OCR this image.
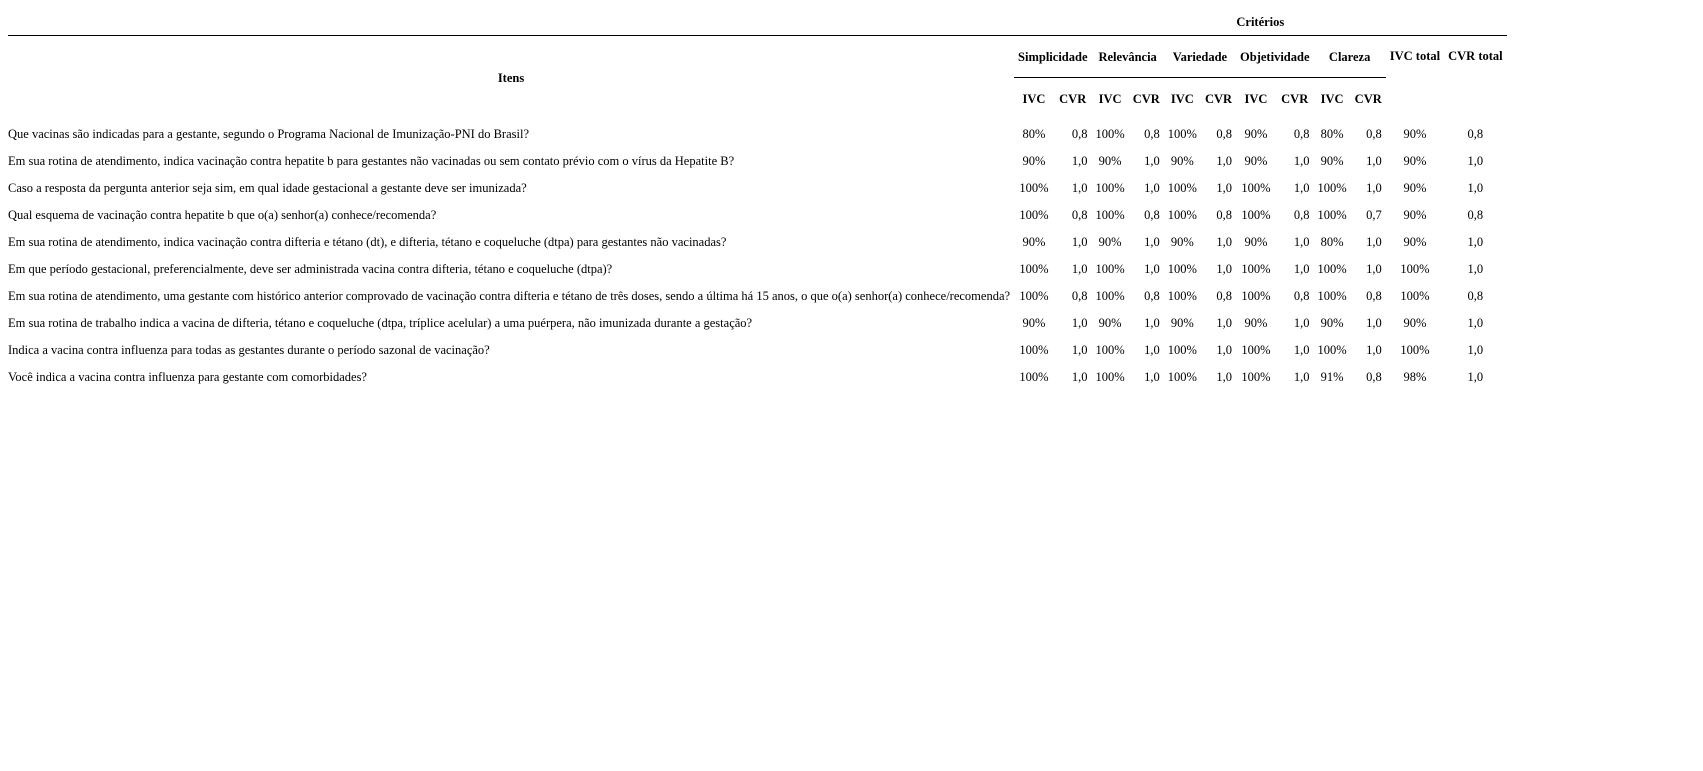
	Critérios											

Itens	Simplicidade		Relevância		Variedade		Objetividade		Clareza		IVC total	CVR total
	IVC	CVR	IVC	CVR	IVC	CVR	IVC	CVR	IVC	CVR		
Que vacinas são indicadas para a gestante, segundo o Programa Nacional de Imunização-PNI do Brasil?	80%	0,8	100%	0,8	100%	0,8	90%	0,8	80%	0,8	90%	0,8
Em sua rotina de atendimento, indica vacinação contra hepatite b para gestantes não vacinadas ou sem contato prévio com o vírus da Hepatite B?	90%	1,0	90%	1,0	90%	1,0	90%	1,0	90%	1,0	90%	1,0
Caso a resposta da pergunta anterior seja sim, em qual idade gestacional a gestante deve ser imunizada?	100%	1,0	100%	1,0	100%	1,0	100%	1,0	100%	1,0	90%	1,0
Qual esquema de vacinação contra hepatite b que o(a) senhor(a) conhece/recomenda?	100%	0,8	100%	0,8	100%	0,8	100%	0,8	100%	0,7	90%	0,8
Em sua rotina de atendimento, indica vacinação contra difteria e tétano (dt), e difteria, tétano e coqueluche (dtpa) para gestantes não vacinadas?	90%	1,0	90%	1,0	90%	1,0	90%	1,0	80%	1,0	90%	1,0
Em que período gestacional, preferencialmente, deve ser administrada vacina contra difteria, tétano e coqueluche (dtpa)?	100%	1,0	100%	1,0	100%	1,0	100%	1,0	100%	1,0	100%	1,0
Em sua rotina de atendimento, uma gestante com histórico anterior comprovado de vacinação contra difteria e tétano de três doses, sendo a última há 15 anos, o que o(a) senhor(a) conhece/recomenda?	100%	0,8	100%	0,8	100%	0,8	100%	0,8	100%	0,8	100%	0,8
Em sua rotina de trabalho indica a vacina de difteria, tétano e coqueluche (dtpa, tríplice acelular) a uma puérpera, não imunizada durante a gestação?	90%	1,0	90%	1,0	90%	1,0	90%	1,0	90%	1,0	90%	1,0
Indica a vacina contra influenza para todas as gestantes durante o período sazonal de vacinação?	100%	1,0	100%	1,0	100%	1,0	100%	1,0	100%	1,0	100%	1,0
Você indica a vacina contra influenza para gestante com comorbidades?	100%	1,0	100%	1,0	100%	1,0	100%	1,0	91%	0,8	98%	1,0
